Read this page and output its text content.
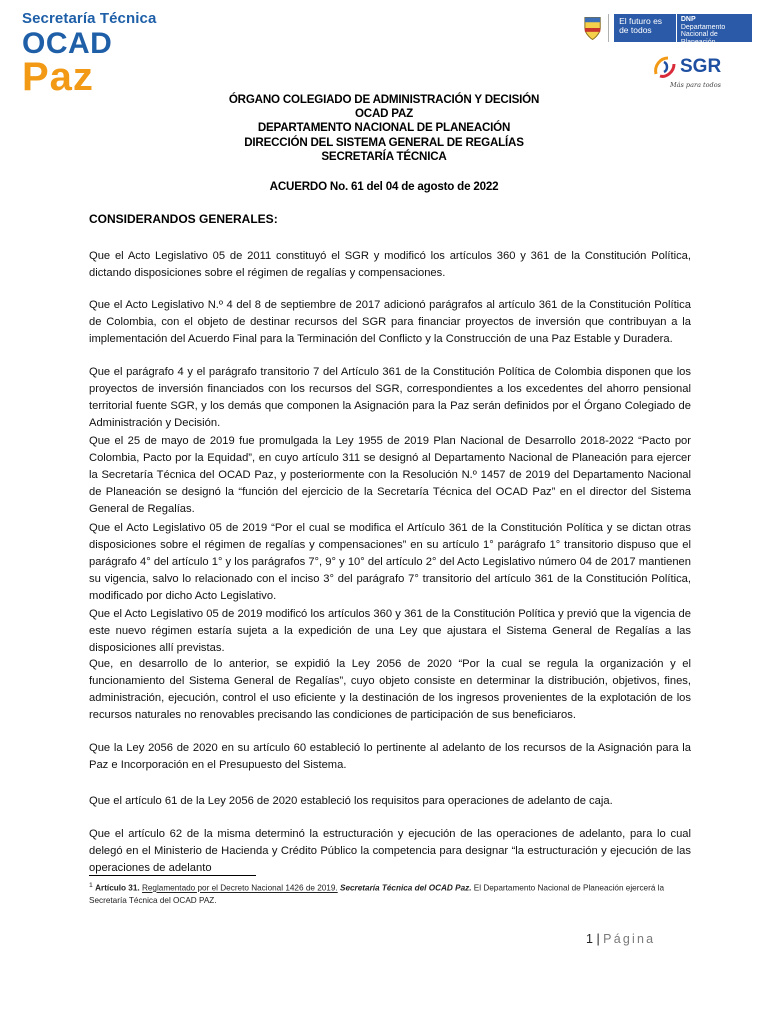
Secretaría Técnica
OCAD
Paz
El futuro es de todos
DNP
Departamento Nacional de Planeación
SGR
Más para todos
ÓRGANO COLEGIADO DE ADMINISTRACIÓN Y DECISIÓN
OCAD PAZ
DEPARTAMENTO NACIONAL DE PLANEACIÓN
DIRECCIÓN DEL SISTEMA GENERAL DE REGALÍAS
SECRETARÍA TÉCNICA
ACUERDO No. 61 del 04 de agosto de 2022
CONSIDERANDOS GENERALES:

Que el Acto Legislativo 05 de 2011 constituyó el SGR y modificó los artículos 360 y 361 de la Constitución Política, dictando disposiciones sobre el régimen de regalías y compensaciones.

Que el Acto Legislativo N.º 4 del 8 de septiembre de 2017 adicionó parágrafos al artículo 361 de la Constitución Política de Colombia, con el objeto de destinar recursos del SGR para financiar proyectos de inversión que contribuyan a la implementación del Acuerdo Final para la Terminación del Conflicto y la Construcción de una Paz Estable y Duradera.

Que el parágrafo 4 y el parágrafo transitorio 7 del Artículo 361 de la Constitución Política de Colombia disponen que los proyectos de inversión financiados con los recursos del SGR, correspondientes a los excedentes del ahorro pensional territorial fuente SGR, y los demás que componen la Asignación para la Paz serán definidos por el Órgano Colegiado de Administración y Decisión.

Que el 25 de mayo de 2019 fue promulgada la Ley 1955 de 2019 Plan Nacional de Desarrollo 2018-2022 “Pacto por Colombia, Pacto por la Equidad”, en cuyo artículo 311 se designó al Departamento Nacional de Planeación para ejercer la Secretaría Técnica del OCAD Paz, y posteriormente con la Resolución N.º 1457 de 2019 del Departamento Nacional de Planeación se designó la “función del ejercicio de la Secretaría Técnica del OCAD Paz” en el director del Sistema General de Regalías.

Que el Acto Legislativo 05 de 2019 “Por el cual se modifica el Artículo 361 de la Constitución Política y se dictan otras disposiciones sobre el régimen de regalías y compensaciones” en su artículo 1° parágrafo 1° transitorio dispuso que el parágrafo 4° del artículo 1° y los parágrafos 7°, 9° y 10° del artículo 2° del Acto Legislativo número 04 de 2017 mantienen su vigencia, salvo lo relacionado con el inciso 3° del parágrafo 7° transitorio del artículo 361 de la Constitución Política, modificado por dicho Acto Legislativo.

Que el Acto Legislativo 05 de 2019 modificó los artículos 360 y 361 de la Constitución Política y previó que la vigencia de este nuevo régimen estaría sujeta a la expedición de una Ley que ajustara el Sistema General de Regalías a las disposiciones allí previstas.

Que, en desarrollo de lo anterior, se expidió la Ley 2056 de 2020 “Por la cual se regula la organización y el funcionamiento del Sistema General de Regalías”, cuyo objeto consiste en determinar la distribución, objetivos, fines, administración, ejecución, control el uso eficiente y la destinación de los ingresos provenientes de la explotación de los recursos naturales no renovables precisando las condiciones de participación de sus beneficiaros.

Que la Ley 2056 de 2020 en su artículo 60 estableció lo pertinente al adelanto de los recursos de la Asignación para la Paz e Incorporación en el Presupuesto del Sistema.

Que el artículo 61 de la Ley 2056 de 2020 estableció los requisitos para operaciones de adelanto de caja.

Que el artículo 62 de la misma determinó la estructuración y ejecución de las operaciones de adelanto, para lo cual delegó en el Ministerio de Hacienda y Crédito Público la competencia para designar “la estructuración y ejecución de las operaciones de adelanto

$^1$ Artículo 31. Reglamentado por el Decreto Nacional 1426 de 2019. Secretaría Técnica del OCAD Paz. El Departamento Nacional de Planeación ejercerá la Secretaría Técnica del OCAD PAZ.
1 | Página
